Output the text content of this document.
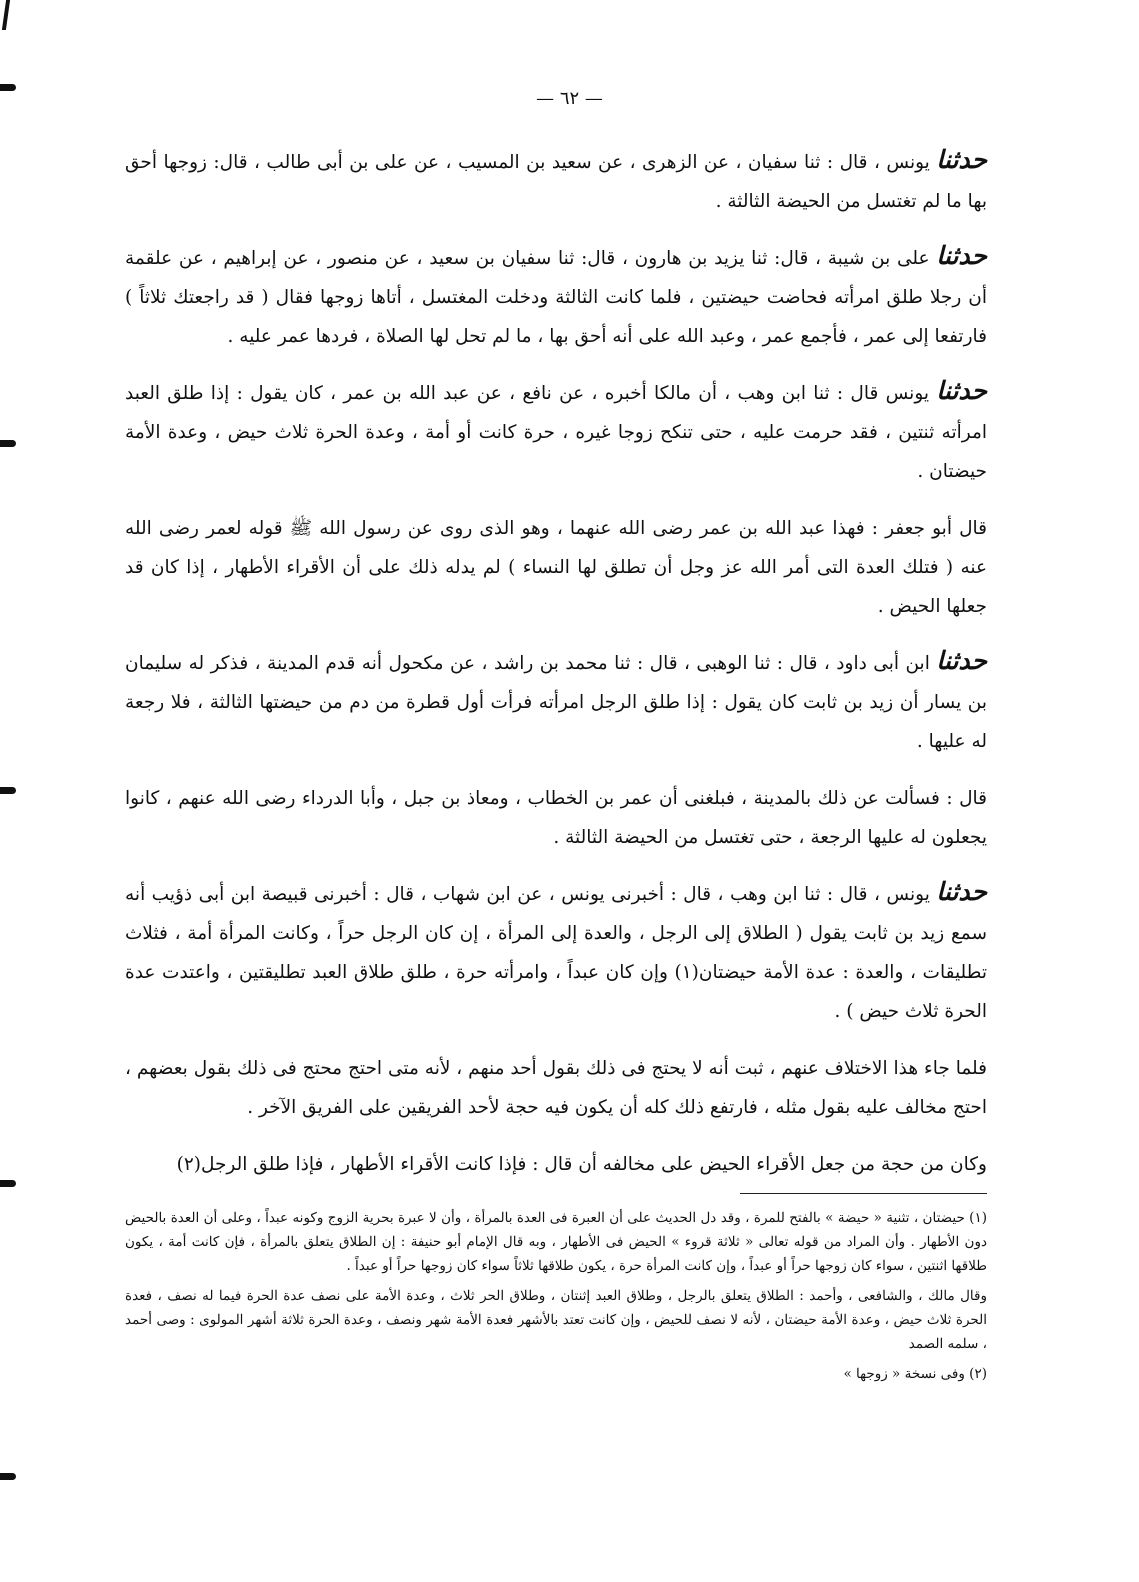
— ٦٢ —

حدثنا يونس ، قال : ثنا سفيان ، عن الزهرى ، عن سعيد بن المسيب ، عن على بن أبى طالب ، قال: زوجها أحق بها ما لم تغتسل من الحيضة الثالثة .

حدثنا على بن شيبة ، قال: ثنا يزيد بن هارون ، قال: ثنا سفيان بن سعيد ، عن منصور ، عن إبراهيم ، عن علقمة أن رجلا طلق امرأته فحاضت حيضتين ، فلما كانت الثالثة ودخلت المغتسل ، أتاها زوجها فقال ( قد راجعتك ثلاثاً ) فارتفعا إلى عمر ، فأجمع عمر ، وعبد الله على أنه أحق بها ، ما لم تحل لها الصلاة ، فردها عمر عليه .

حدثنا يونس قال : ثنا ابن وهب ، أن مالكا أخبره ، عن نافع ، عن عبد الله بن عمر ، كان يقول : إذا طلق العبد امرأته ثنتين ، فقد حرمت عليه ، حتى تنكح زوجا غيره ، حرة كانت أو أمة ، وعدة الحرة ثلاث حيض ، وعدة الأمة حيضتان .

قال أبو جعفر : فهذا عبد الله بن عمر رضى الله عنهما ، وهو الذى روى عن رسول الله ﷺ قوله لعمر رضى الله عنه ( فتلك العدة التى أمر الله عز وجل أن تطلق لها النساء ) لم يدله ذلك على أن الأقراء الأطهار ، إذا كان قد جعلها الحيض .

حدثنا ابن أبى داود ، قال : ثنا الوهبى ، قال : ثنا محمد بن راشد ، عن مكحول أنه قدم المدينة ، فذكر له سليمان بن يسار أن زيد بن ثابت كان يقول : إذا طلق الرجل امرأته فرأت أول قطرة من دم من حيضتها الثالثة ، فلا رجعة له عليها .

قال : فسألت عن ذلك بالمدينة ، فبلغنى أن عمر بن الخطاب ، ومعاذ بن جبل ، وأبا الدرداء رضى الله عنهم ، كانوا يجعلون له عليها الرجعة ، حتى تغتسل من الحيضة الثالثة .

حدثنا يونس ، قال : ثنا ابن وهب ، قال : أخبرنى يونس ، عن ابن شهاب ، قال : أخبرنى قبيصة ابن أبى ذؤيب أنه سمع زيد بن ثابت يقول ( الطلاق إلى الرجل ، والعدة إلى المرأة ، إن كان الرجل حراً ، وكانت المرأة أمة ، فثلاث تطليقات ، والعدة : عدة الأمة حيضتان(١) وإن كان عبداً ، وامرأته حرة ، طلق طلاق العبد تطليقتين ، واعتدت عدة الحرة ثلاث حيض ) .

فلما جاء هذا الاختلاف عنهم ، ثبت أنه لا يحتج فى ذلك بقول أحد منهم ، لأنه متى احتج محتج فى ذلك بقول بعضهم ، احتج مخالف عليه بقول مثله ، فارتفع ذلك كله أن يكون فيه حجة لأحد الفريقين على الفريق الآخر .

وكان من حجة من جعل الأقراء الحيض على مخالفه أن قال : فإذا كانت الأقراء الأطهار ، فإذا طلق الرجل(٢)

(١) حيضتان ، تثنية « حيضة » بالفتح للمرة ، وقد دل الحديث على أن العبرة فى العدة بالمرأة ، وأن لا عبرة بحرية الزوج وكونه عبداً ، وعلى أن العدة بالحيض دون الأطهار . وأن المراد من قوله تعالى « ثلاثة قروء » الحيض فى الأطهار ، وبه قال الإمام أبو حنيفة : إن الطلاق يتعلق بالمرأة ، فإن كانت أمة ، يكون طلاقها اثنتين ، سواء كان زوجها حراً أو عبداً ، وإن كانت المرأة حرة ، يكون طلاقها ثلاثاً سواء كان زوجها حراً أو عبداً .

وقال مالك ، والشافعى ، وأحمد : الطلاق يتعلق بالرجل ، وطلاق العبد إثنتان ، وطلاق الحر ثلاث ، وعدة الأمة على نصف عدة الحرة فيما له نصف ، فعدة الحرة ثلاث حيض ، وعدة الأمة حيضتان ، لأنه لا نصف للحيض ، وإن كانت تعتد بالأشهر فعدة الأمة شهر ونصف ، وعدة الحرة ثلاثة أشهر المولوى : وصى أحمد ، سلمه الصمد

(٢) وفى نسخة « زوجها »
